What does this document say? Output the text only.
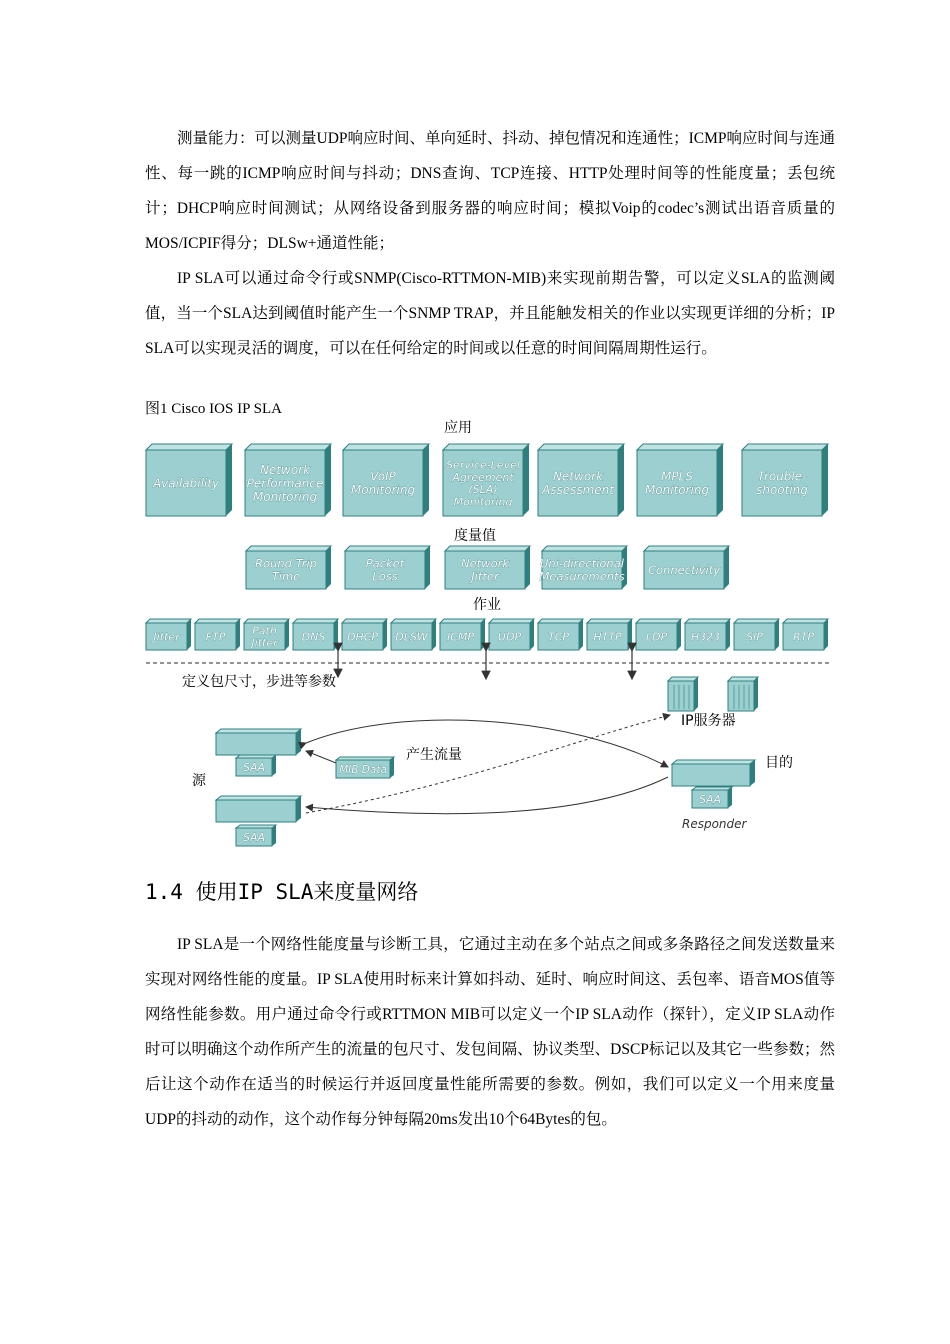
测量能力：可以测量UDP响应时间、单向延时、抖动、掉包情况和连通性；ICMP响应时间与连通性、每一跳的ICMP响应时间与抖动；DNS查询、TCP连接、HTTP处理时间等的性能度量；丢包统计；DHCP响应时间测试；从网络设备到服务器的响应时间；模拟Voip的codec’s测试出语音质量的MOS/ICPIF得分；DLSw+通道性能；

IP SLA可以通过命令行或SNMP(Cisco-RTTMON-MIB)来实现前期告警，可以定义SLA的监测阈值，当一个SLA达到阈值时能产生一个SNMP TRAP，并且能触发相关的作业以实现更详细的分析；IP SLA可以实现灵活的调度，可以在任何给定的时间或以任意的时间间隔周期性运行。

图1 Cisco IOS IP SLA

应用
Availability
Network
Performance
Monitoring
VoIP
Monitoring
Service-Level
Agreement
(SLA)
Monitoring
Network
Assessment
MPLS
Monitoring
Trouble-
shooting
度量值
Round Trip
Time
Packet
Loss
Network
Jitter
Uni-directional
Measurements Connectivity
作业
Jitter FTP Path
Jitter DNS DHCP DLSW ICMP UDP TCP HTTP LDP H323 SIP	RTP
定义包尺寸，步进等参数
IP服务器
SAA
源
SAA
MIB Data
产生流量	目的
SAA
Responder
1.4 使用IP SLA来度量网络

IP SLA是一个网络性能度量与诊断工具，它通过主动在多个站点之间或多条路径之间发送数量来实现对网络性能的度量。IP SLA使用时标来计算如抖动、延时、响应时间这、丢包率、语音MOS值等网络性能参数。用户通过命令行或RTTMON MIB可以定义一个IP SLA动作（探针），定义IP SLA动作时可以明确这个动作所产生的流量的包尺寸、发包间隔、协议类型、DSCP标记以及其它一些参数；然后让这个动作在适当的时候运行并返回度量性能所需要的参数。例如，我们可以定义一个用来度量UDP的抖动的动作，这个动作每分钟每隔20ms发出10个64Bytes的包。
